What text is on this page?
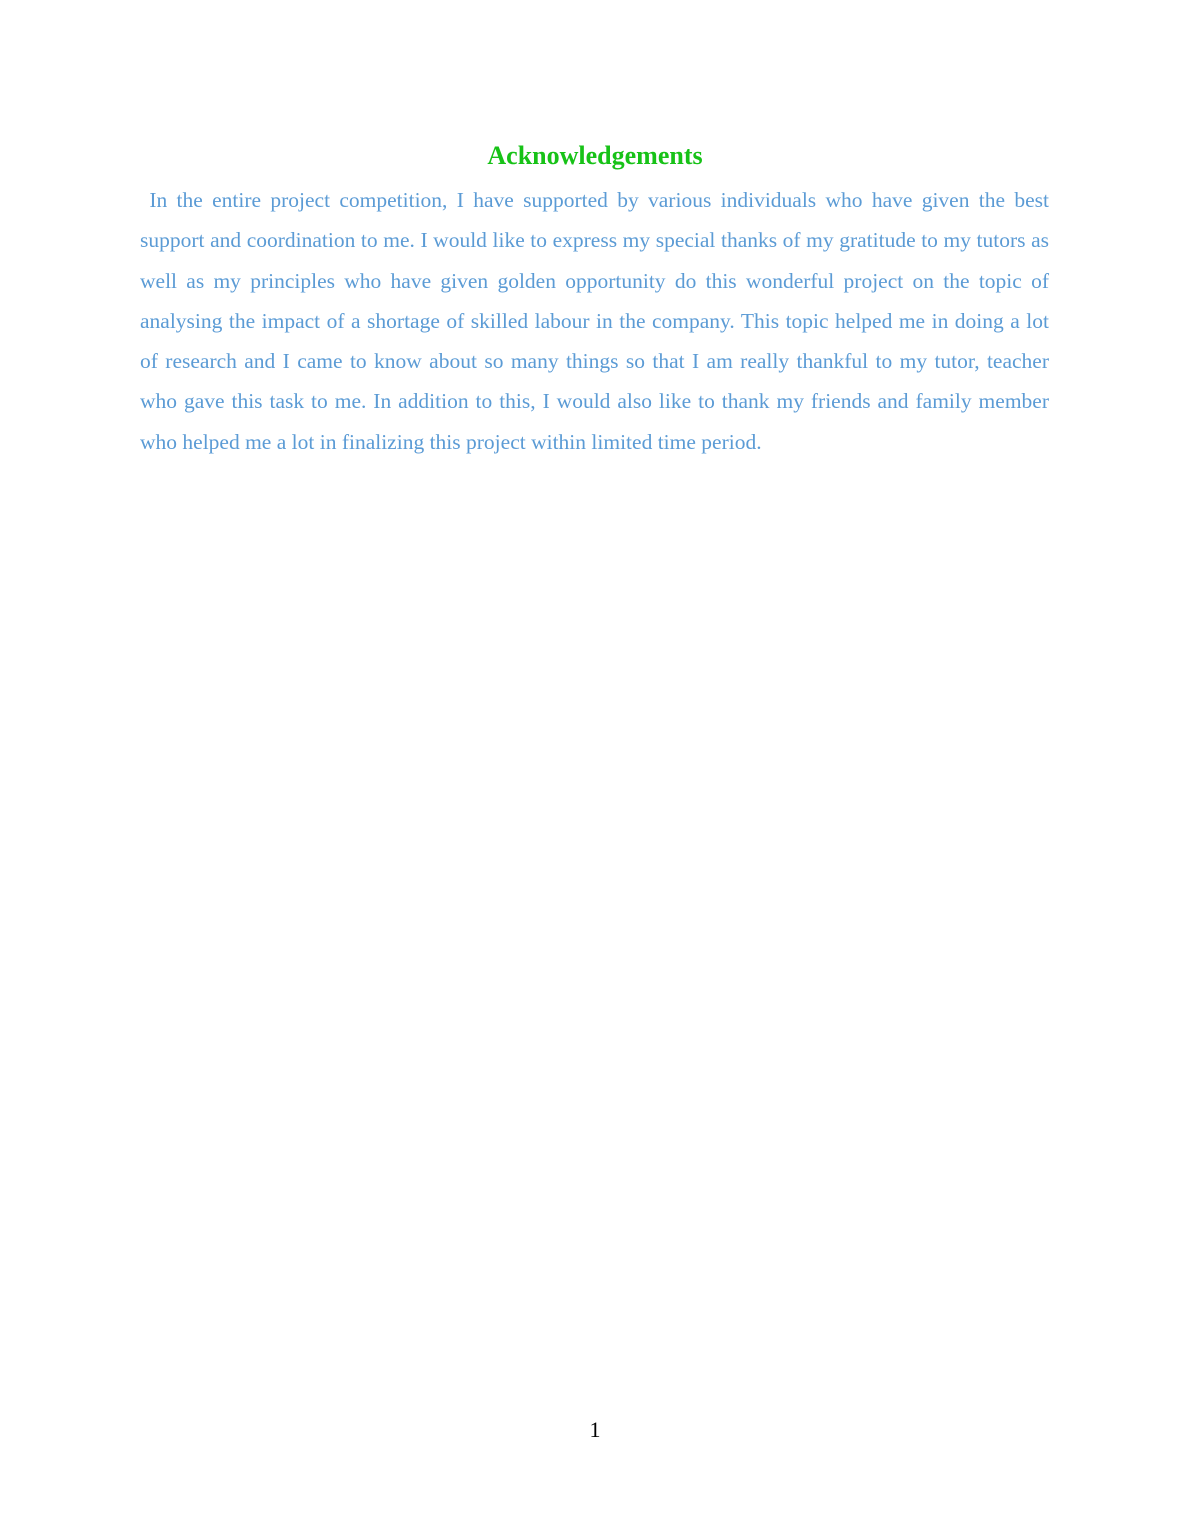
Acknowledgements

In the entire project competition, I have supported by various individuals who have given the best support and coordination to me. I would like to express my special thanks of my gratitude to my tutors as well as my principles who have given golden opportunity do this wonderful project on the topic of analysing the impact of a shortage of skilled labour in the company. This topic helped me in doing a lot of research and I came to know about so many things so that I am really thankful to my tutor, teacher who gave this task to me. In addition to this, I would also like to thank my friends and family member who helped me a lot in finalizing this project within limited time period.

1
